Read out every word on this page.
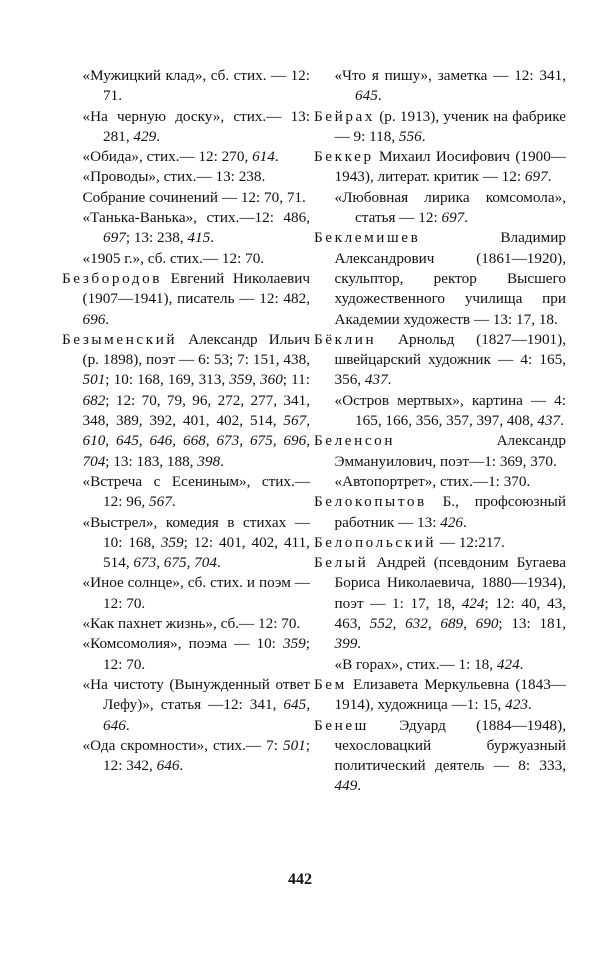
«Мужицкий клад», сб. стих. — 12: 71.
«На черную доску», стих.— 13: 281, 429.
«Обида», стих.— 12: 270, 614.
«Проводы», стих.— 13: 238.
Собрание сочинений — 12: 70, 71.
«Танька-Ванька», стих.—12: 486, 697; 13: 238, 415.
«1905 г.», сб. стих.— 12: 70.
Безбородов Евгений Николаевич (1907—1941), писатель — 12: 482, 696.
Безыменский Александр Ильич (р. 1898), поэт — 6: 53; 7: 151, 438, 501; 10: 168, 169, 313, 359, 360; 11: 682; 12: 70, 79, 96, 272, 277, 341, 348, 389, 392, 401, 402, 514, 567, 610, 645, 646, 668, 673, 675, 696, 704; 13: 183, 188, 398.
«Встреча с Есениным», стих.— 12: 96, 567.
«Выстрел», комедия в стихах — 10: 168, 359; 12: 401, 402, 411, 514, 673, 675, 704.
«Иное солнце», сб. стих. и поэм — 12: 70.
«Как пахнет жизнь», сб.— 12: 70.
«Комсомолия», поэма — 10: 359; 12: 70.
«На чистоту (Вынужденный ответ Лефу)», статья —12: 341, 645, 646.
«Ода скромности», стих.— 7: 501; 12: 342, 646.
«Что я пишу», заметка — 12: 341, 645.
Бейрах (р. 1913), ученик на фабрике — 9: 118, 556.
Беккер Михаил Иосифович (1900—1943), литерат. критик — 12: 697.
«Любовная лирика комсомола», статья — 12: 697.
Беклемишев Владимир Александрович (1861—1920), скульптор, ректор Высшего художественного училища при Академии художеств — 13: 17, 18.
Бёклин Арнольд (1827—1901), швейцарский художник — 4: 165, 356, 437.
«Остров мертвых», картина — 4: 165, 166, 356, 357, 397, 408, 437.
Беленсон Александр Эммануилович, поэт—1: 369, 370.
«Автопортрет», стих.—1: 370.
Белокопытов Б., профсоюзный работник — 13: 426.
Белопольский — 12:217.
Белый Андрей (псевдоним Бугаева Бориса Николаевича, 1880—1934), поэт — 1: 17, 18, 424; 12: 40, 43, 463, 552, 632, 689, 690; 13: 181, 399.
«В горах», стих.— 1: 18, 424.
Бем Елизавета Меркульевна (1843—1914), художница —1: 15, 423.
Бенеш Эдуард (1884—1948), чехословацкий буржуазный политический деятель — 8: 333, 449.
442
